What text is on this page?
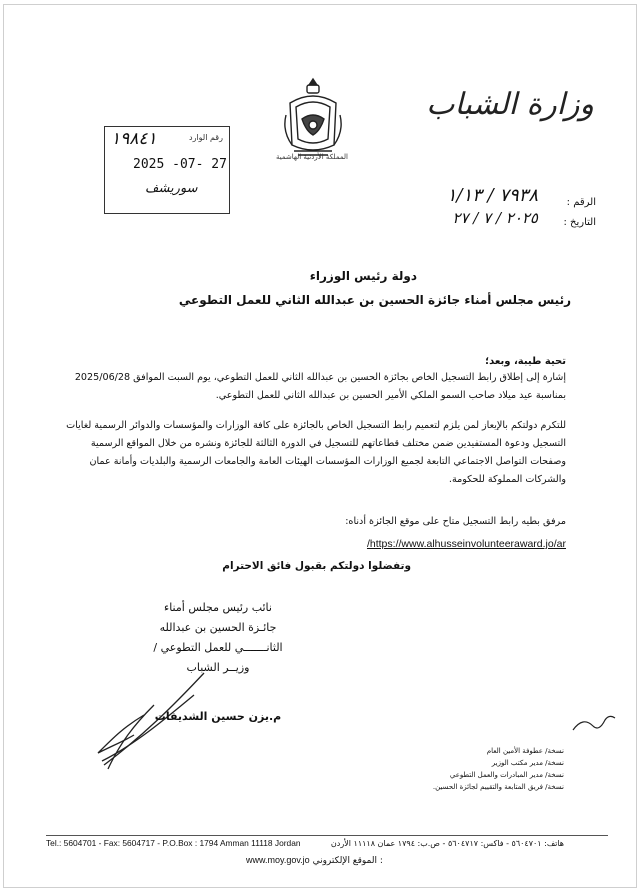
وزارة الشباب
المملكة الأردنية الهاشمية
رقم الوارد
١٩٨٤١
2025 -07- 27
سوريشف
الرقم :
٧٩٣٨ / ١/١٣
التاريخ :
٢٠٢٥ / ٧ / ٢٧
دولة رئيس الوزراء
رئيس مجلس أمناء جائزة الحسين بن عبدالله الثاني للعمل التطوعي
تحية طيبة، وبعد؛
إشارة إلى إطلاق رابط التسجيل الخاص بجائزة الحسين بن عبدالله الثاني للعمل التطوعي، يوم السبت الموافق 2025/06/28 بمناسبة عيد ميلاد صاحب السمو الملكي الأمير الحسين بن عبدالله الثاني للعمل التطوعي.
للتكرم دولتكم بالإيعاز لمن يلزم لتعميم رابط التسجيل الخاص بالجائزة على كافة الوزارات والمؤسسات والدوائر الرسمية لغايات التسجيل ودعوة المستفيدين ضمن مختلف قطاعاتهم للتسجيل في الدورة الثالثة للجائزة ونشره من خلال المواقع الرسمية وصفحات التواصل الاجتماعي التابعة لجميع الوزارات المؤسسات الهيئات العامة والجامعات الرسمية والبلديات وأمانة عمان والشركات المملوكة للحكومة.
مرفق بطيه رابط التسجيل متاح على موقع الجائزة أدناه:
/https://www.alhusseinvolunteeraward.jo/ar
وتفضلوا دولتكم بقبول فائق الاحترام
نائب رئيس مجلس أمناء
جائـزة الحسين بن عبدالله
الثانـــــــي للعمل التطوعي /
وزيــر الشباب
م.يزن حسين الشديفات
نسخة/ عطوفة الأمين العام
نسخة/ مدير مكتب الوزير
نسخة/ مدير المبادرات والعمل التطوعي
نسخة/ فريق المتابعة والتقييم لجائزة الحسين.
Tel.: 5604701 - Fax: 5604717 - P.O.Box : 1794 Amman 11118 Jordan	هاتف: ٥٦٠٤٧٠١ - فاكس: ٥٦٠٤٧١٧ - ص.ب: ١٧٩٤ عمان ١١١١٨ الأردن
www.moy.gov.jo الموقع الإلكتروني :
